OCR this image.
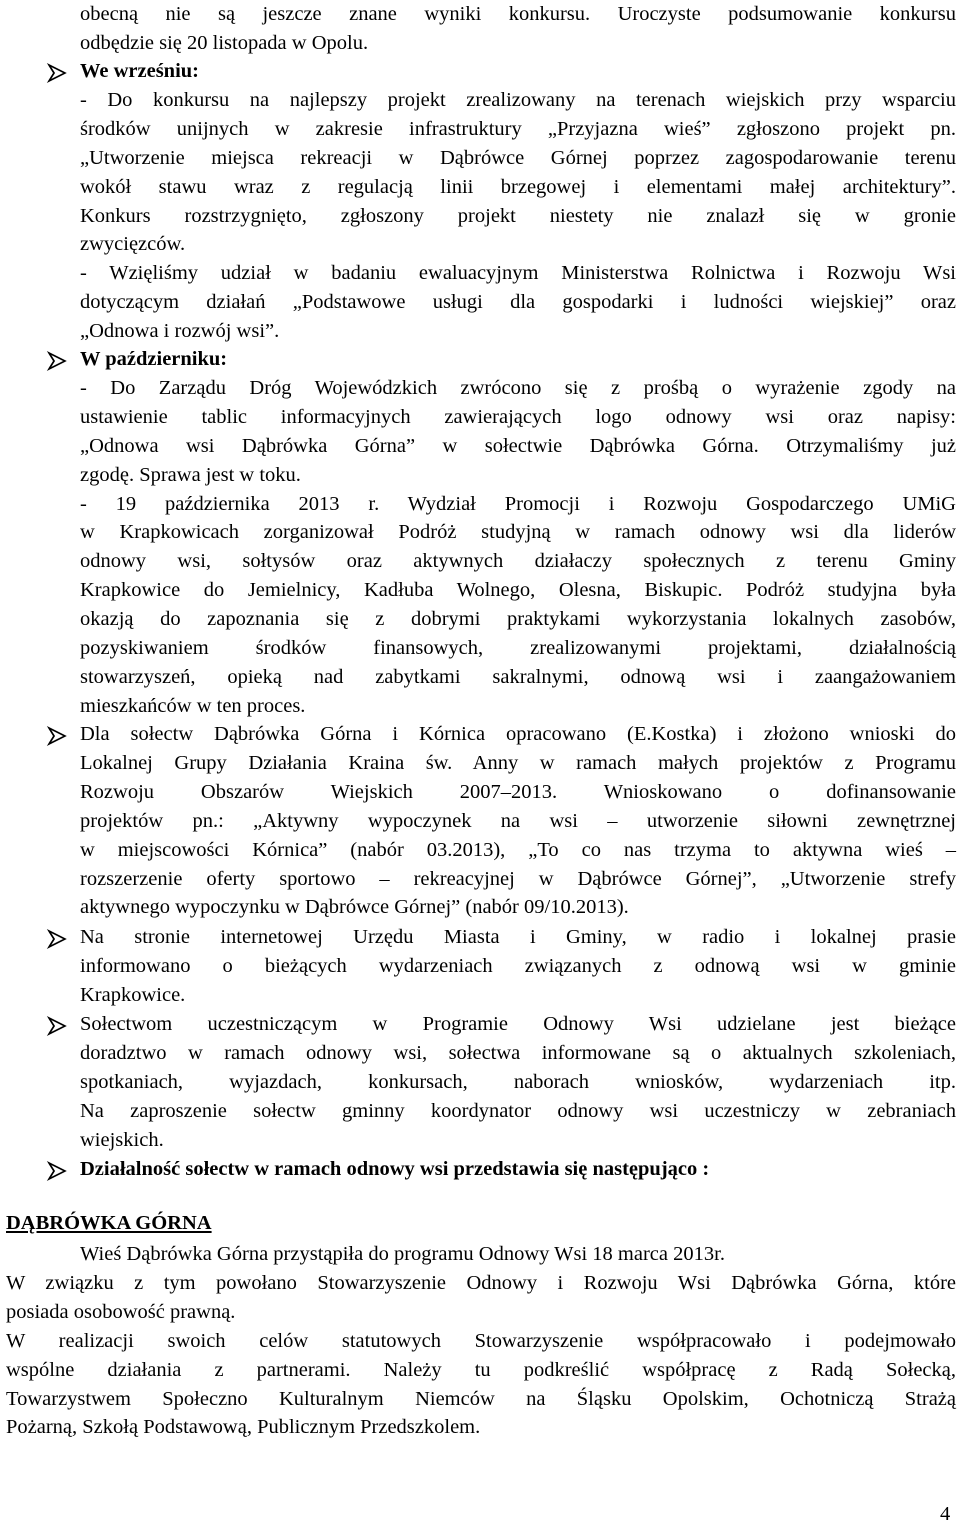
obecną nie są jeszcze znane wyniki konkursu. Uroczyste podsumowanie konkursu
odbędzie się 20 listopada w Opolu.
We wrześniu:
- Do konkursu na najlepszy projekt zrealizowany na terenach wiejskich przy wsparciu
środków unijnych w zakresie infrastruktury „Przyjazna wieś” zgłoszono projekt pn.
„Utworzenie miejsca rekreacji w Dąbrówce Górnej poprzez zagospodarowanie terenu
wokół stawu wraz z regulacją linii brzegowej i elementami małej architektury”.
Konkurs rozstrzygnięto, zgłoszony projekt niestety nie znalazł się w gronie
zwycięzców.
- Wzięliśmy udział w badaniu ewaluacyjnym Ministerstwa Rolnictwa i Rozwoju Wsi
dotyczącym działań „Podstawowe usługi dla gospodarki i ludności wiejskiej” oraz
„Odnowa i rozwój wsi”.
W październiku:
- Do Zarządu Dróg Wojewódzkich zwrócono się z prośbą o wyrażenie zgody na
ustawienie tablic informacyjnych zawierających logo odnowy wsi oraz napisy:
„Odnowa wsi Dąbrówka Górna” w sołectwie Dąbrówka Górna. Otrzymaliśmy już
zgodę. Sprawa jest w toku.
- 19 października 2013 r. Wydział Promocji i Rozwoju Gospodarczego UMiG
w Krapkowicach zorganizował Podróż studyjną w ramach odnowy wsi dla liderów
odnowy wsi, sołtysów oraz aktywnych działaczy społecznych z terenu Gminy
Krapkowice do Jemielnicy, Kadłuba Wolnego, Olesna, Biskupic. Podróż studyjna była
okazją do zapoznania się z dobrymi praktykami wykorzystania lokalnych zasobów,
pozyskiwaniem środków finansowych, zrealizowanymi projektami, działalnością
stowarzyszeń, opieką nad zabytkami sakralnymi, odnową wsi i zaangażowaniem
mieszkańców w ten proces.
Dla sołectw Dąbrówka Górna i Kórnica opracowano (E.Kostka) i złożono wnioski do
Lokalnej Grupy Działania Kraina św. Anny w ramach małych projektów z Programu
Rozwoju Obszarów Wiejskich 2007–2013. Wnioskowano o dofinansowanie
projektów pn.: „Aktywny wypoczynek na wsi – utworzenie siłowni zewnętrznej
w miejscowości Kórnica” (nabór 03.2013), „To co nas trzyma to aktywna wieś –
rozszerzenie oferty sportowo – rekreacyjnej w Dąbrówce Górnej”, „Utworzenie strefy
aktywnego wypoczynku w Dąbrówce Górnej” (nabór 09/10.2013).
Na stronie internetowej Urzędu Miasta i Gminy, w radio i lokalnej prasie
informowano o bieżących wydarzeniach związanych z odnową wsi w gminie
Krapkowice.
Sołectwom uczestniczącym w Programie Odnowy Wsi udzielane jest bieżące
doradztwo w ramach odnowy wsi, sołectwa informowane są o aktualnych szkoleniach,
spotkaniach, wyjazdach, konkursach, naborach wniosków, wydarzeniach itp.
Na zaproszenie sołectw gminny koordynator odnowy wsi uczestniczy w zebraniach
wiejskich.
Działalność sołectw w ramach odnowy wsi przedstawia się następująco :
DĄBRÓWKA GÓRNA
Wieś Dąbrówka Górna przystąpiła do programu Odnowy Wsi 18 marca 2013r.
W związku z tym powołano Stowarzyszenie Odnowy i Rozwoju Wsi Dąbrówka Górna, które
posiada osobowość prawną.
W realizacji swoich celów statutowych Stowarzyszenie współpracowało i podejmowało
wspólne działania z partnerami. Należy tu podkreślić współpracę z Radą Sołecką,
Towarzystwem Społeczno Kulturalnym Niemców na Śląsku Opolskim, Ochotniczą Strażą
Pożarną, Szkołą Podstawową, Publicznym Przedszkolem.
4
